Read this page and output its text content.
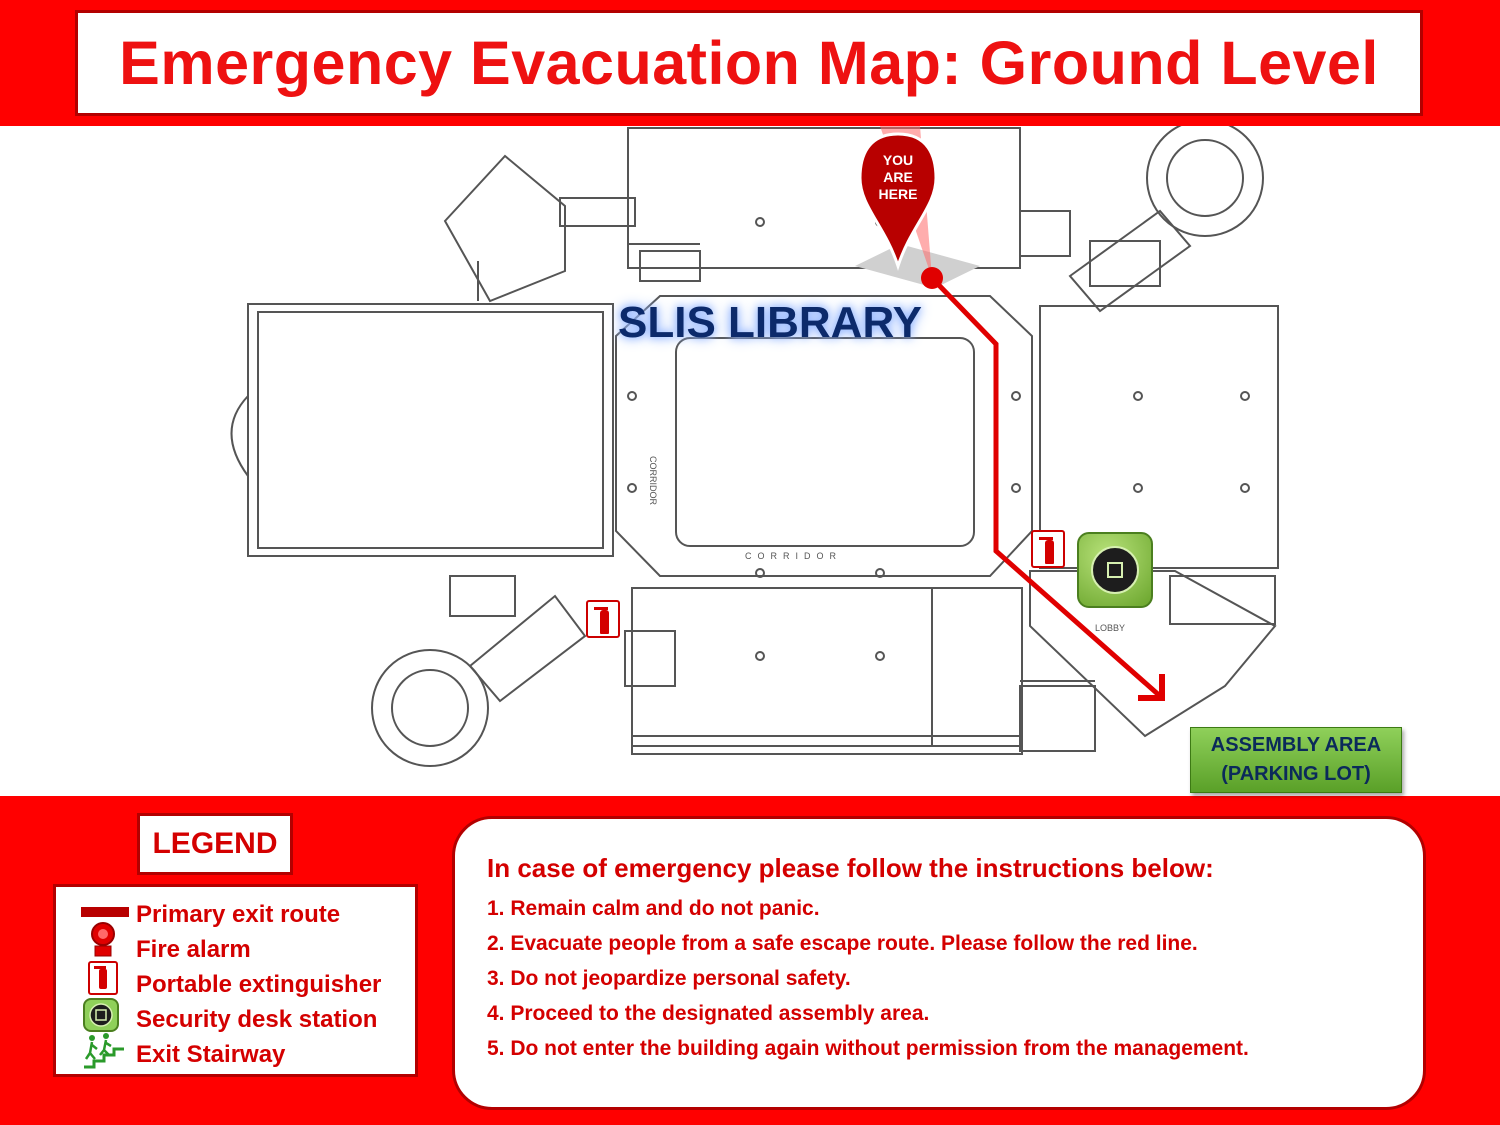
Emergency Evacuation Map: Ground Level
CORRIDOR
CORRIDOR
LOBBY
YOU
ARE
HERE
SLIS LIBRARY
ASSEMBLY AREA
(PARKING LOT)
LEGEND
Primary exit route
Fire alarm
Portable extinguisher
Security desk station
Exit Stairway
In case of emergency please follow the instructions below:
1. Remain calm and do not panic.
2. Evacuate people from a safe escape route. Please follow the red line.
3. Do not jeopardize personal safety.
4. Proceed to the designated assembly area.
5. Do not enter the building again without permission from the management.
